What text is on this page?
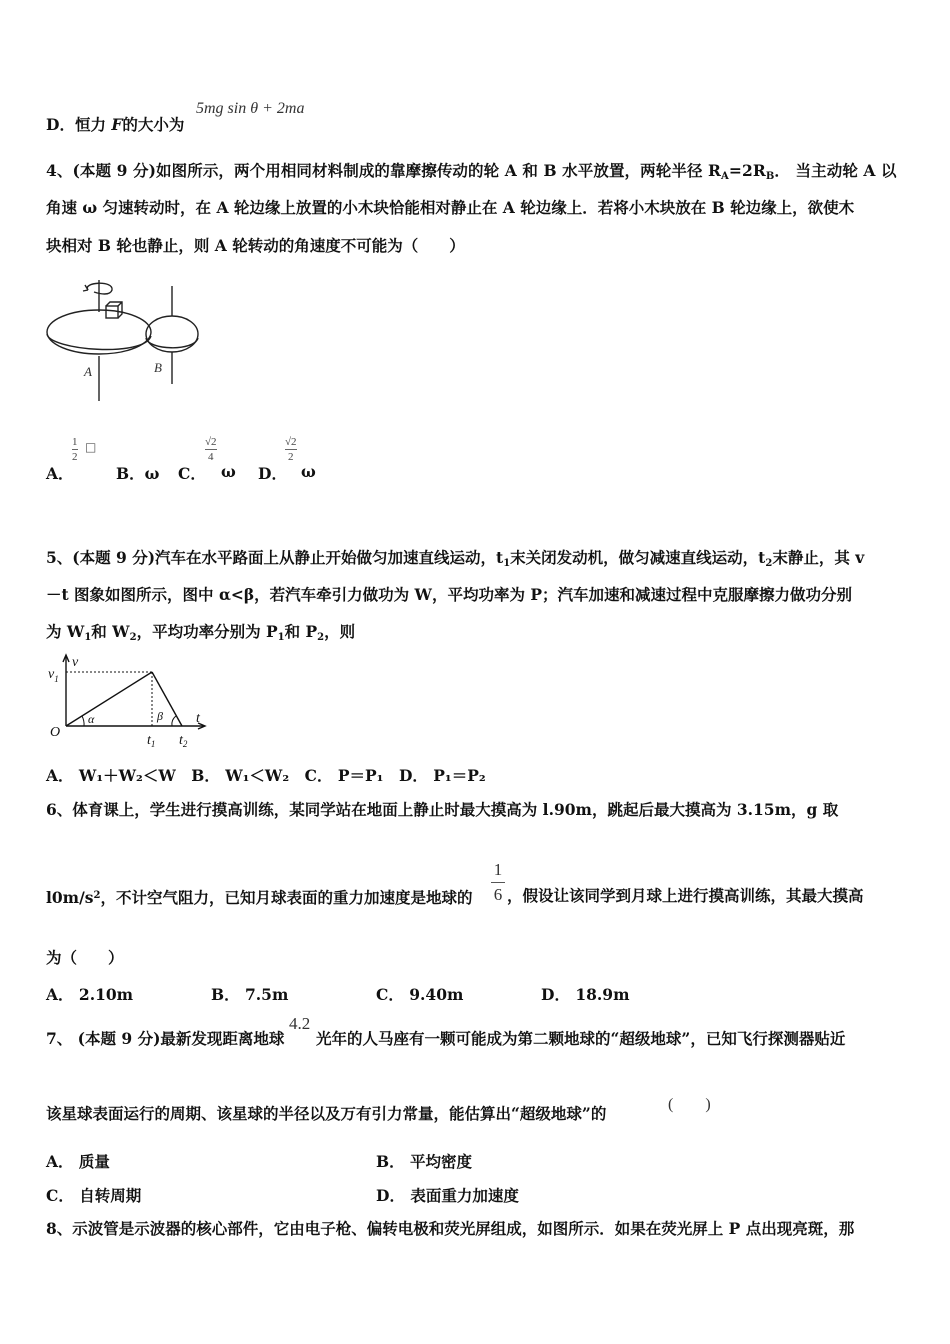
D．恒力 F的大小为
5mg sin θ + 2ma
4、(本题 9 分)如图所示，两个用相同材料制成的靠摩擦传动的轮 A 和 B 水平放置，两轮半径 $R_A=2R_B$． 当主动轮 A 以
角速 ω 匀速转动时，在 A 轮边缘上放置的小木块恰能相对静止在 A 轮边缘上．若将小木块放在 B 轮边缘上，欲使木
块相对 B 轮也静止，则 A 轮转动的角速度不可能为（　　）
A	B
A．
1
2
□
B．ω C．
√2
4
ω D．
√2
2
ω
5、(本题 9 分)汽车在水平路面上从静止开始做匀加速直线运动，$t_1$末关闭发动机，做匀减速直线运动，$t_2$末静止，其 v
－t 图象如图所示，图中 α<β，若汽车牵引力做功为 W，平均功率为 P；汽车加速和减速过程中克服摩擦力做功分别
为 $W_1$和 $W_2$，平均功率分别为 $P_1$和 $P_2$，则
v
$v_1$
O
α	β t
$t_1$ $t_2$
A． W₁＋W₂＜W　B． W₁＜W₂　C． P＝P₁　D． P₁＝P₂
6、体育课上，学生进行摸高训练，某同学站在地面上静止时最大摸高为 l.90m，跳起后最大摸高为 3.15m，g 取
$l0m/s^2$，不计空气阻力，已知月球表面的重力加速度是地球的
1
6 ，假设让该同学到月球上进行摸高训练，其最大摸高
为（　　）
A． 2.10m	B． 7.5m	C． 9.40m	D． 18.9m
7、 (本题 9 分)最新发现距离地球
4.2
光年的人马座有一颗可能成为第二颗地球的“超级地球”，已知飞行探测器贴近
该星球表面运行的周期、该星球的半径以及万有引力常量，能估算出“超级地球”的	(　　)
A． 质量	B． 平均密度
C． 自转周期	D． 表面重力加速度
8、示波管是示波器的核心部件，它由电子枪、偏转电极和荧光屏组成，如图所示．如果在荧光屏上 P 点出现亮斑，那
